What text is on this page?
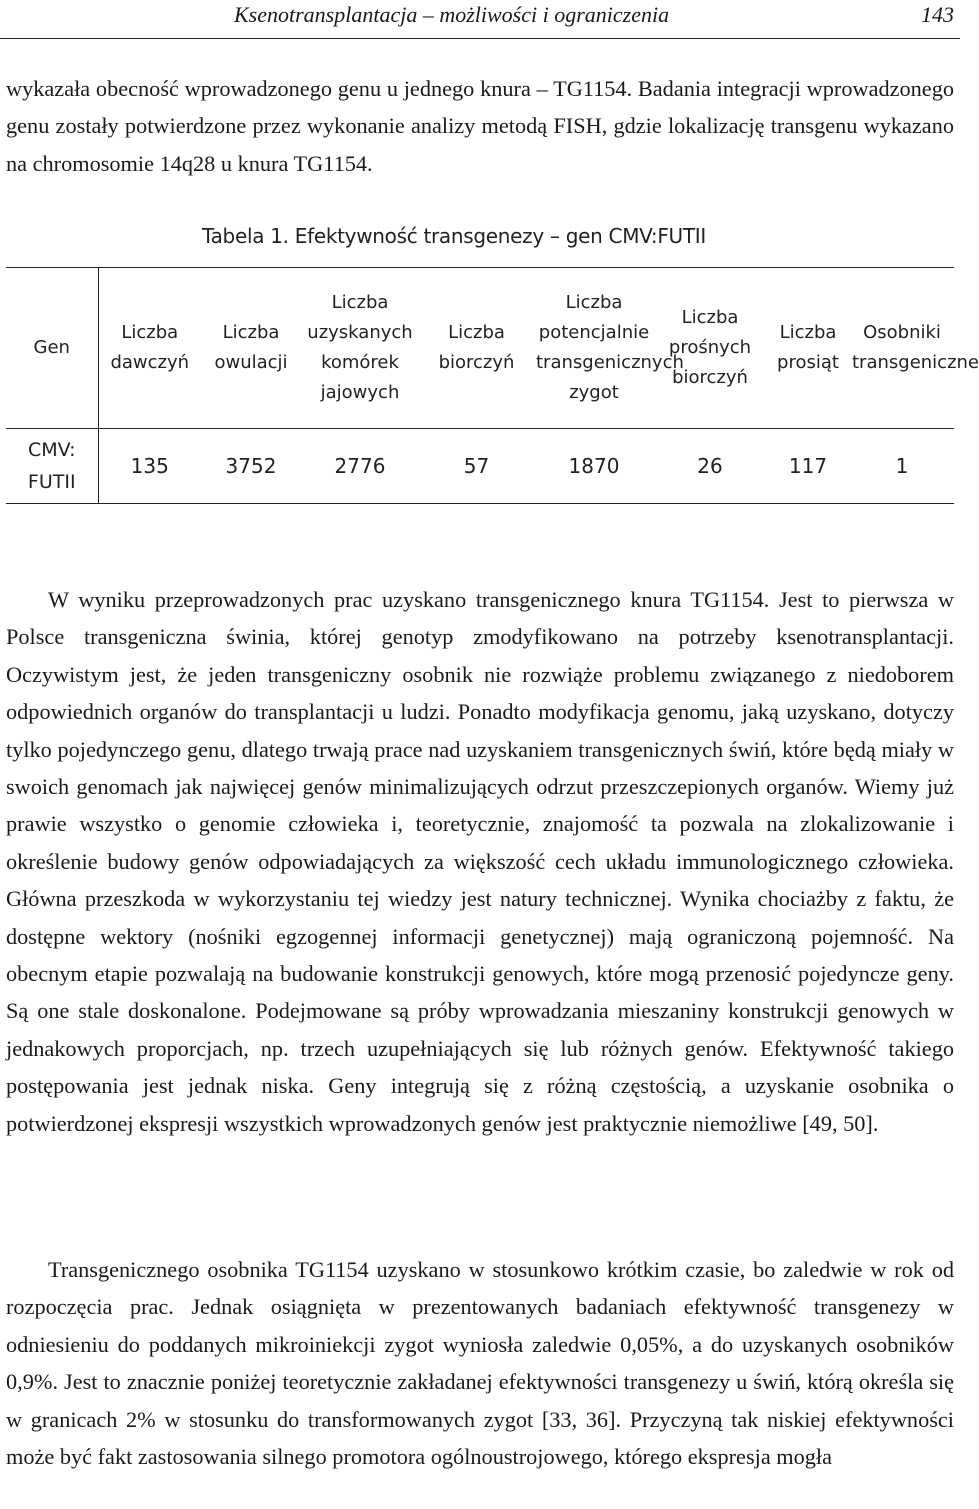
Ksenotransplantacja – możliwości i ograniczenia	143

wykazała obecność wprowadzonego genu u jednego knura – TG1154. Badania integracji wprowadzonego genu zostały potwierdzone przez wykonanie analizy metodą FISH, gdzie lokalizację transgenu wykazano na chromosomie 14q28 u knura TG1154.

Tabela 1. Efektywność transgenezy – gen CMV:FUTII
Gen	Liczba dawczyń	Liczba owulacji	Liczba uzyskanych komórek jajowych	Liczba biorczyń	Liczba potencjalnie transgenicznych zygot	Liczba prośnych biorczyń	Liczba prosiąt	Osobniki transgeniczne
CMV: FUTII	135	3752	2776	57	1870	26	117	1

W wyniku przeprowadzonych prac uzyskano transgenicznego knura TG1154. Jest to pierwsza w Polsce transgeniczna świnia, której genotyp zmodyfikowano na potrzeby ksenotransplantacji. Oczywistym jest, że jeden transgeniczny osobnik nie rozwiąże problemu związanego z niedoborem odpowiednich organów do transplantacji u ludzi. Ponadto modyfikacja genomu, jaką uzyskano, dotyczy tylko pojedynczego genu, dlatego trwają prace nad uzyskaniem transgenicznych świń, które będą miały w swoich genomach jak najwięcej genów minimalizujących odrzut przeszczepionych organów. Wiemy już prawie wszystko o genomie człowieka i, teoretycznie, znajomość ta pozwala na zlokalizowanie i określenie budowy genów odpowiadających za większość cech układu immunologicznego człowieka. Główna przeszkoda w wykorzystaniu tej wiedzy jest natury technicznej. Wynika chociażby z faktu, że dostępne wektory (nośniki egzogennej informacji genetycznej) mają ograniczoną pojemność. Na obecnym etapie pozwalają na budowanie konstrukcji genowych, które mogą przenosić pojedyncze geny. Są one stale doskonalone. Podejmowane są próby wprowadzania mieszaniny konstrukcji genowych w jednakowych proporcjach, np. trzech uzupełniających się lub różnych genów. Efektywność takiego postępowania jest jednak niska. Geny integrują się z różną częstością, a uzyskanie osobnika o potwierdzonej ekspresji wszystkich wprowadzonych genów jest praktycznie niemożliwe [49, 50].

Transgenicznego osobnika TG1154 uzyskano w stosunkowo krótkim czasie, bo zaledwie w rok od rozpoczęcia prac. Jednak osiągnięta w prezentowanych badaniach efektywność transgenezy w odniesieniu do poddanych mikroiniekcji zygot wyniosła zaledwie 0,05%, a do uzyskanych osobników 0,9%. Jest to znacznie poniżej teoretycznie zakładanej efektywności transgenezy u świń, którą określa się w granicach 2% w stosunku do transformowanych zygot [33, 36]. Przyczyną tak niskiej efektywności może być fakt zastosowania silnego promotora ogólnoustrojowego, którego ekspresja mogła
